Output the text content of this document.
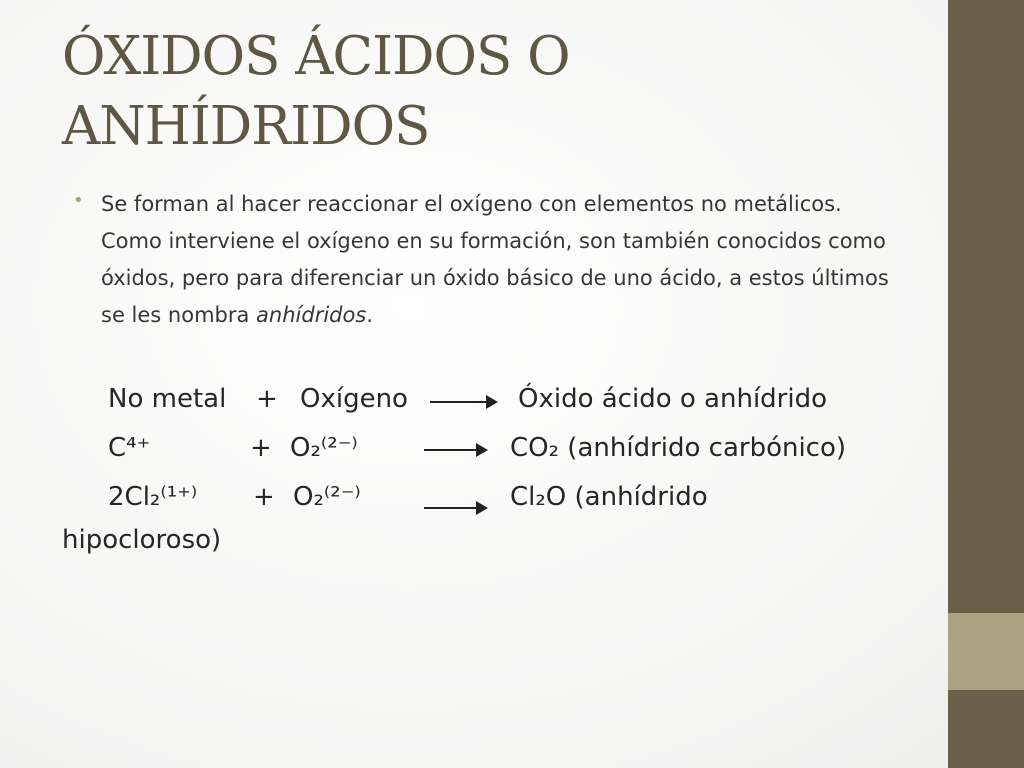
ÓXIDOS ÁCIDOS O
ANHÍDRIDOS
• Se forman al hacer reaccionar el oxígeno con elementos no metálicos. Como interviene el oxígeno en su formación, son también conocidos como óxidos, pero para diferenciar un óxido básico de uno ácido, a estos últimos se les nombra anhídridos.
No metal + Oxígeno	Óxido ácido o anhídrido
C⁴⁺	+ O₂⁽²⁻⁾	CO₂ (anhídrido carbónico)
2Cl₂⁽¹⁺⁾ + O₂⁽²⁻⁾	Cl₂O (anhídrido
hipocloroso)
